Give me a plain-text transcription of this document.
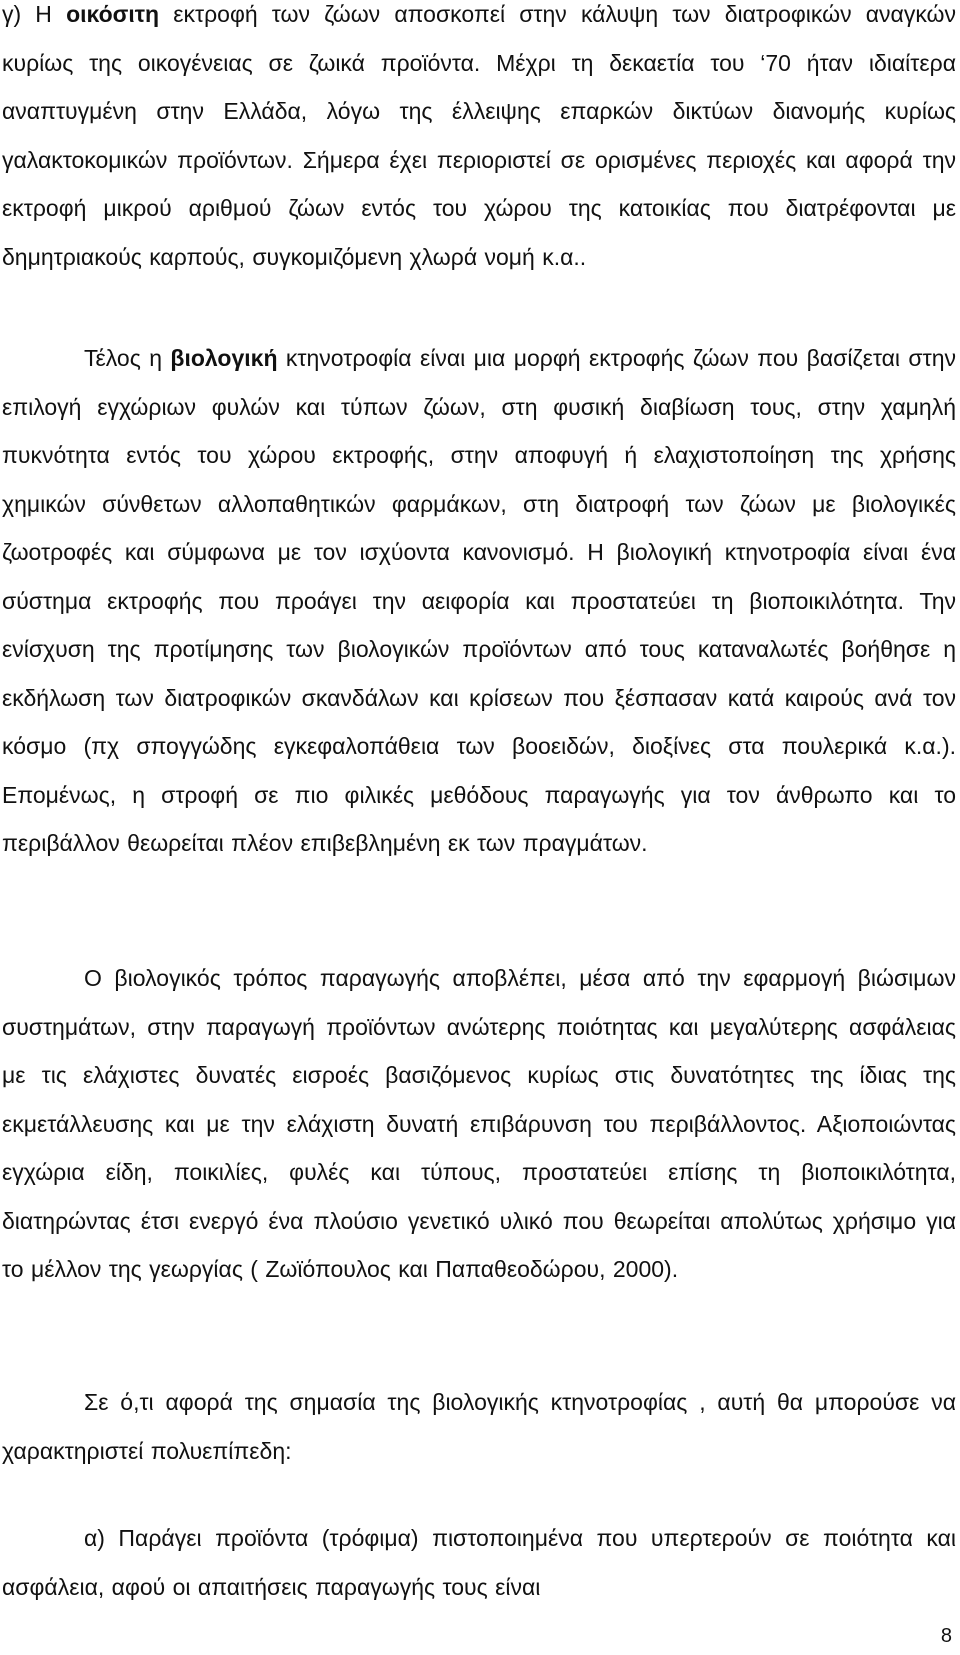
γ) Η οικόσιτη εκτροφή των ζώων αποσκοπεί στην κάλυψη των διατροφικών αναγκών κυρίως της οικογένειας σε ζωικά προϊόντα. Μέχρι τη δεκαετία του ‘70 ήταν ιδιαίτερα αναπτυγμένη στην Ελλάδα, λόγω της έλλειψης επαρκών δικτύων διανομής κυρίως γαλακτοκομικών προϊόντων. Σήμερα έχει περιοριστεί σε ορισμένες περιοχές και αφορά την εκτροφή μικρού αριθμού ζώων εντός του χώρου της κατοικίας που διατρέφονται με δημητριακούς καρπούς, συγκομιζόμενη χλωρά νομή κ.α..

Τέλος η βιολογική κτηνοτροφία είναι μια μορφή εκτροφής ζώων που βασίζεται στην επιλογή εγχώριων φυλών και τύπων ζώων, στη φυσική διαβίωση τους, στην χαμηλή πυκνότητα εντός του χώρου εκτροφής, στην αποφυγή ή ελαχιστοποίηση της χρήσης χημικών σύνθετων αλλοπαθητικών φαρμάκων, στη διατροφή των ζώων με βιολογικές ζωοτροφές και σύμφωνα με τον ισχύοντα κανονισμό. Η βιολογική κτηνοτροφία είναι ένα σύστημα εκτροφής που προάγει την αειφορία και προστατεύει τη βιοποικιλότητα. Την ενίσχυση της προτίμησης των βιολογικών προϊόντων από τους καταναλωτές βοήθησε η εκδήλωση των διατροφικών σκανδάλων και κρίσεων που ξέσπασαν κατά καιρούς ανά τον κόσμο (πχ σπογγώδης εγκεφαλοπάθεια των βοοειδών, διοξίνες στα πουλερικά κ.α.). Επομένως, η στροφή σε πιο φιλικές μεθόδους παραγωγής για τον άνθρωπο και το περιβάλλον θεωρείται πλέον επιβεβλημένη εκ των πραγμάτων.

Ο βιολογικός τρόπος παραγωγής αποβλέπει, μέσα από την εφαρμογή βιώσιμων συστημάτων, στην παραγωγή προϊόντων ανώτερης ποιότητας και μεγαλύτερης ασφάλειας με τις ελάχιστες δυνατές εισροές βασιζόμενος κυρίως στις δυνατότητες της ίδιας της εκμετάλλευσης και με την ελάχιστη δυνατή επιβάρυνση του περιβάλλοντος. Αξιοποιώντας εγχώρια είδη, ποικιλίες, φυλές και τύπους, προστατεύει επίσης τη βιοποικιλότητα, διατηρώντας έτσι ενεργό ένα πλούσιο γενετικό υλικό που θεωρείται απολύτως χρήσιμο για το μέλλον της γεωργίας ( Ζωϊόπουλος και Παπαθεοδώρου, 2000).

Σε ό,τι αφορά της σημασία της βιολογικής κτηνοτροφίας , αυτή θα μπορούσε να χαρακτηριστεί πολυεπίπεδη:

α) Παράγει προϊόντα (τρόφιμα) πιστοποιημένα που υπερτερούν σε ποιότητα και ασφάλεια, αφού οι απαιτήσεις παραγωγής τους είναι

8
